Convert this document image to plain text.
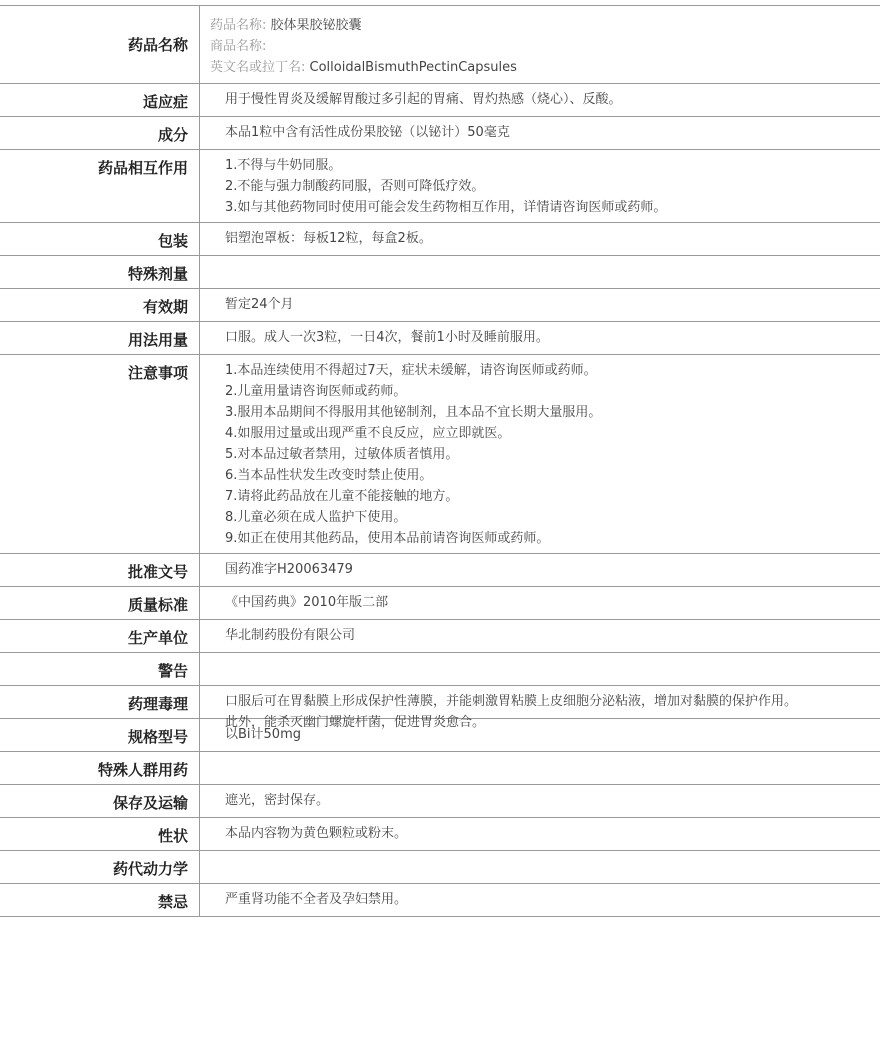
药品名称
药品名称: 胶体果胶铋胶囊
商品名称:
英文名或拉丁名: ColloidalBismuthPectinCapsules
适应症	用于慢性胃炎及缓解胃酸过多引起的胃痛、胃灼热感（烧心）、反酸。
成分	本品1粒中含有活性成份果胶铋（以铋计）50毫克
药品相互作用	1.不得与牛奶同服。
2.不能与强力制酸药同服，否则可降低疗效。
3.如与其他药物同时使用可能会发生药物相互作用，详情请咨询医师或药师。
包装	铝塑泡罩板：每板12粒，每盒2板。
特殊剂量
有效期	暂定24个月
用法用量	口服。成人一次3粒，一日4次，餐前1小时及睡前服用。
注意事项	1.本品连续使用不得超过7天，症状未缓解，请咨询医师或药师。
2.儿童用量请咨询医师或药师。
3.服用本品期间不得服用其他铋制剂，且本品不宜长期大量服用。
4.如服用过量或出现严重不良反应，应立即就医。
5.对本品过敏者禁用，过敏体质者慎用。
6.当本品性状发生改变时禁止使用。
7.请将此药品放在儿童不能接触的地方。
8.儿童必须在成人监护下使用。
9.如正在使用其他药品，使用本品前请咨询医师或药师。
批准文号	国药准字H20063479
质量标准	《中国药典》2010年版二部
生产单位	华北制药股份有限公司
警告
药理毒理	口服后可在胃黏膜上形成保护性薄膜，并能刺激胃粘膜上皮细胞分泌粘液，增加对黏膜的保护作用。此外，能杀灭幽门螺旋杆菌，促进胃炎愈合。
规格型号	以Bi计50mg
特殊人群用药
保存及运输	遮光，密封保存。
性状	本品内容物为黄色颗粒或粉末。
药代动力学
禁忌	严重肾功能不全者及孕妇禁用。
